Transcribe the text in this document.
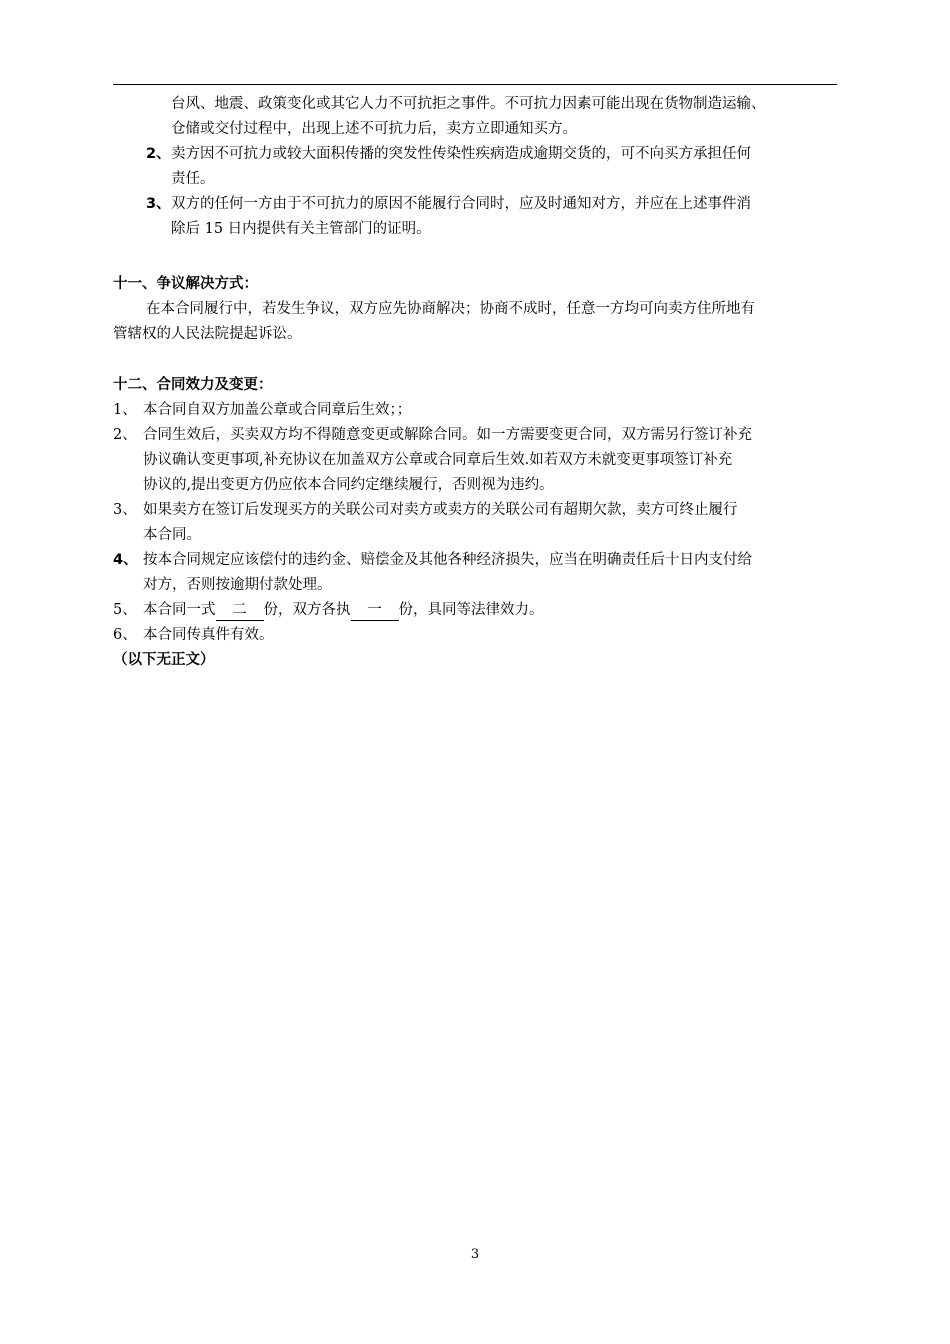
台风、地震、政策变化或其它人力不可抗拒之事件。不可抗力因素可能出现在货物制造运输、
仓储或交付过程中，出现上述不可抗力后，卖方立即通知买方。
2、 卖方因不可抗力或较大面积传播的突发性传染性疾病造成逾期交货的，可不向买方承担任何
责任。
3、 双方的任何一方由于不可抗力的原因不能履行合同时，应及时通知对方，并应在上述事件消
除后 15 日内提供有关主管部门的证明。
十一、争议解决方式：
在本合同履行中，若发生争议，双方应先协商解决；协商不成时，任意一方均可向卖方住所地有
管辖权的人民法院提起诉讼。
十二、合同效力及变更：
1、 本合同自双方加盖公章或合同章后生效；；
2、 合同生效后，买卖双方均不得随意变更或解除合同。如一方需要变更合同，双方需另行签订补充
协议确认变更事项,补充协议在加盖双方公章或合同章后生效.如若双方未就变更事项签订补充
协议的,提出变更方仍应依本合同约定继续履行，否则视为违约。
3、 如果卖方在签订后发现买方的关联公司对卖方或卖方的关联公司有超期欠款，卖方可终止履行
本合同。
4、 按本合同规定应该偿付的违约金、赔偿金及其他各种经济损失，应当在明确责任后十日内支付给
对方，否则按逾期付款处理。
5、 本合同一式 二 份，双方各执 一 份，具同等法律效力。
6、 本合同传真件有效。
（以下无正文）
3
